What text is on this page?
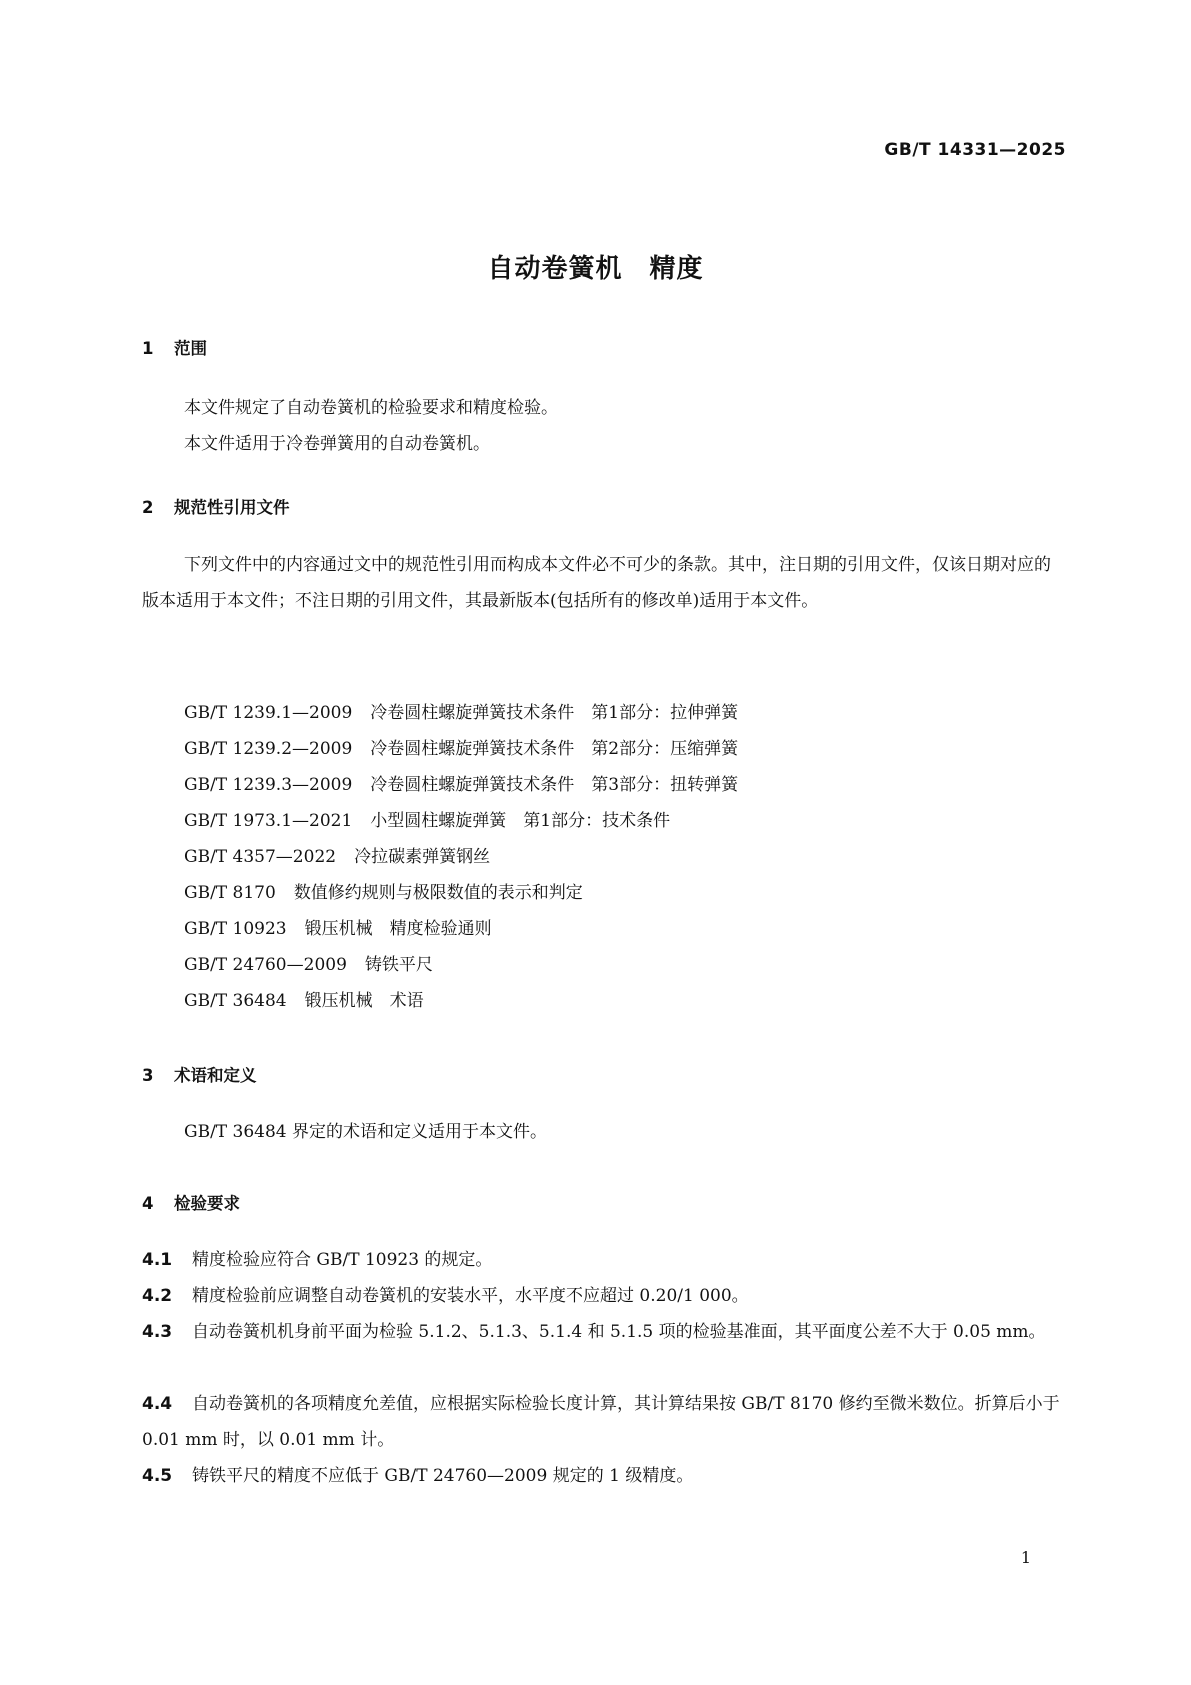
GB/T 14331—2025
自动卷簧机　精度
1 范围
本文件规定了自动卷簧机的检验要求和精度检验。
本文件适用于冷卷弹簧用的自动卷簧机。
2 规范性引用文件
下列文件中的内容通过文中的规范性引用而构成本文件必不可少的条款。其中，注日期的引用文件，仅该日期对应的版本适用于本文件；不注日期的引用文件，其最新版本(包括所有的修改单)适用于本文件。
GB/T 1239.1—2009 冷卷圆柱螺旋弹簧技术条件　第1部分：拉伸弹簧
GB/T 1239.2—2009 冷卷圆柱螺旋弹簧技术条件　第2部分：压缩弹簧
GB/T 1239.3—2009 冷卷圆柱螺旋弹簧技术条件　第3部分：扭转弹簧
GB/T 1973.1—2021 小型圆柱螺旋弹簧　第1部分：技术条件
GB/T 4357—2022 冷拉碳素弹簧钢丝
GB/T 8170 数值修约规则与极限数值的表示和判定
GB/T 10923 锻压机械　精度检验通则
GB/T 24760—2009 铸铁平尺
GB/T 36484 锻压机械　术语
3 术语和定义
GB/T 36484 界定的术语和定义适用于本文件。
4 检验要求
4.1 精度检验应符合 GB/T 10923 的规定。
4.2 精度检验前应调整自动卷簧机的安装水平，水平度不应超过 0.20/1 000。
4.3 自动卷簧机机身前平面为检验 5.1.2、5.1.3、5.1.4 和 5.1.5 项的检验基准面，其平面度公差不大于 0.05 mm。
4.4 自动卷簧机的各项精度允差值，应根据实际检验长度计算，其计算结果按 GB/T 8170 修约至微米数位。折算后小于 0.01 mm 时，以 0.01 mm 计。
4.5 铸铁平尺的精度不应低于 GB/T 24760—2009 规定的 1 级精度。
1
